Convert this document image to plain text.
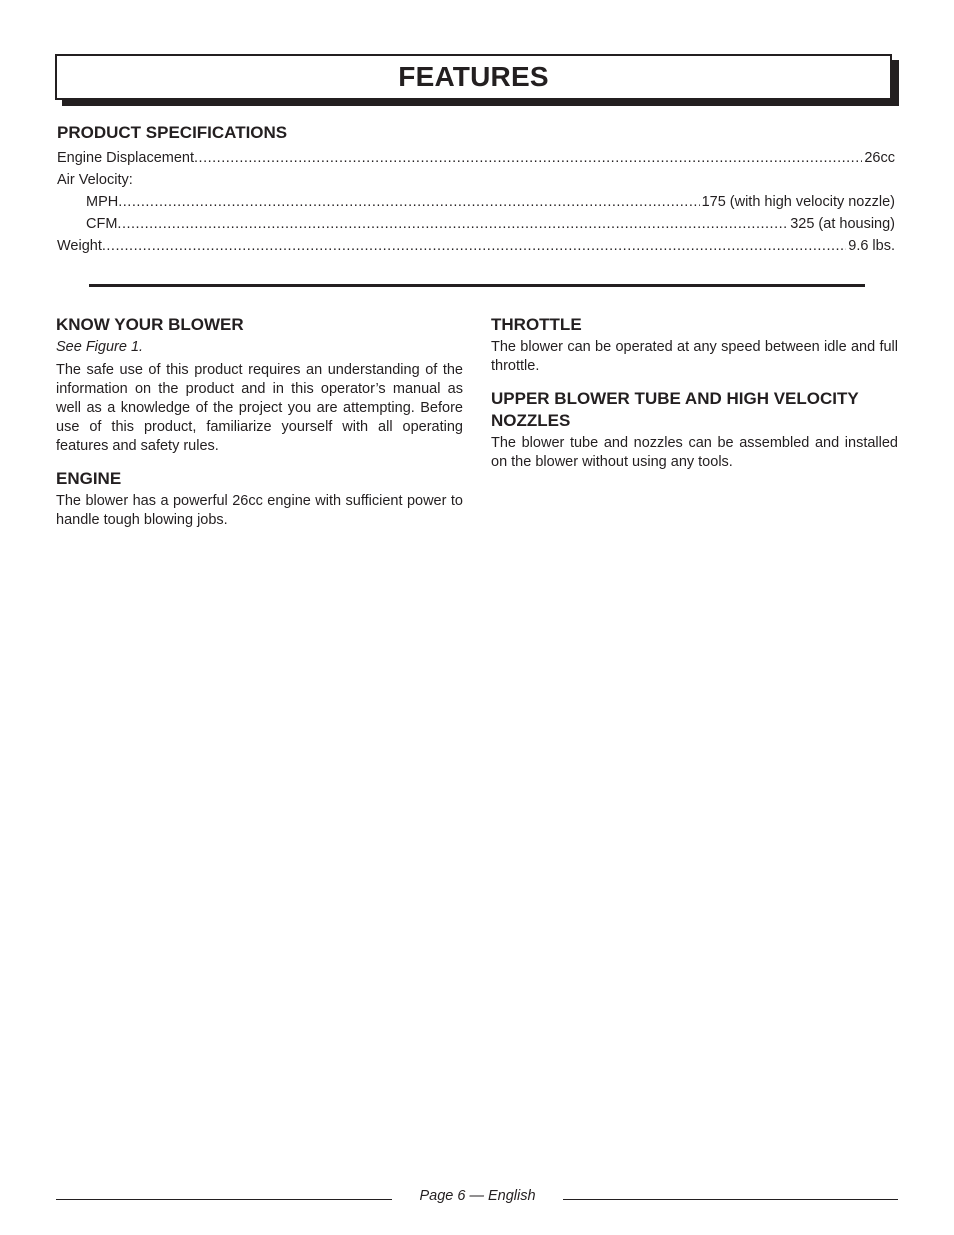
FEATURES
PRODUCT SPECIFICATIONS
Engine Displacement .....	26cc
Air Velocity:
MPH .....	175 (with high velocity nozzle)
CFM .....	325 (at housing)
Weight .....	9.6 lbs.
KNOW YOUR BLOWER

See Figure 1.

The safe use of this product requires an understanding of the information on the product and in this operator’s manual as well as a knowledge of the project you are attempting. Before use of this product, familiarize yourself with all operating features and safety rules.

ENGINE

The blower has a powerful 26cc engine with sufficient power to handle tough blowing jobs.

THROTTLE

The blower can be operated at any speed between idle and full throttle.

UPPER BLOWER TUBE AND HIGH VELOCITY NOZZLES

The blower tube and nozzles can be assembled and installed on the blower without using any tools.

Page 6 — English
